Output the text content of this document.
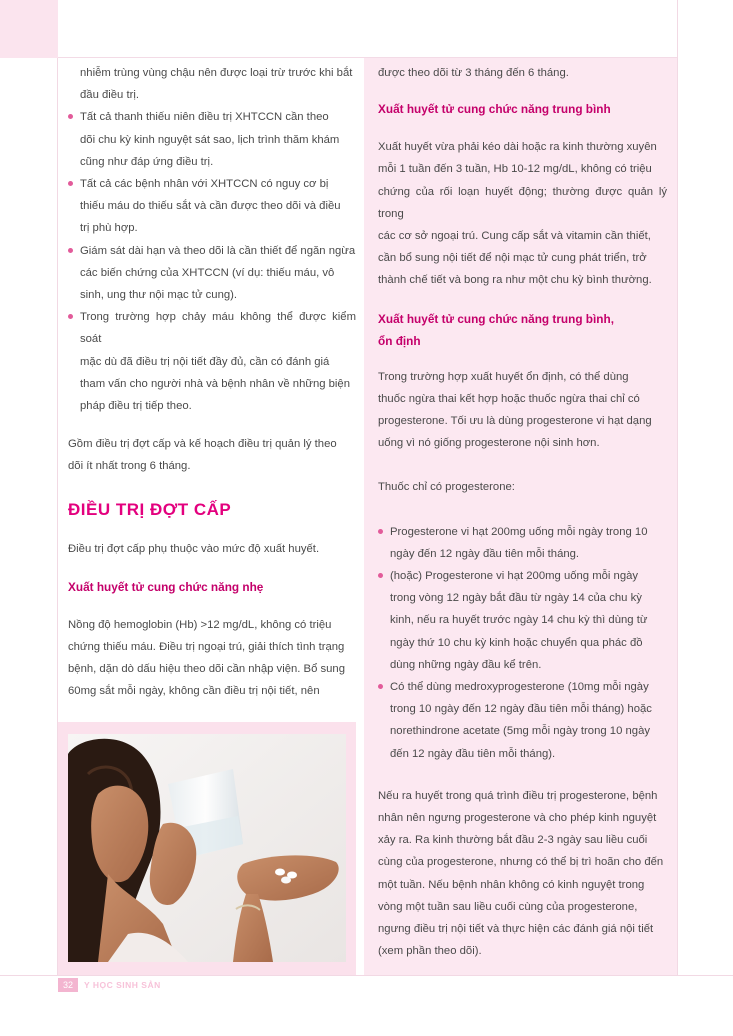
nhiễm trùng vùng chậu nên được loại trừ trước khi bắt
đầu điều trị.
Tất cả thanh thiếu niên điều trị XHTCCN cần theo
dõi chu kỳ kinh nguyệt sát sao, lịch trình thăm khám
cũng như đáp ứng điều trị.
Tất cả các bệnh nhân với XHTCCN có nguy cơ bị
thiếu máu do thiếu sắt và cần được theo dõi và điều
trị phù hợp.
Giám sát dài hạn và theo dõi là cần thiết để ngăn ngừa
các biến chứng của XHTCCN (ví dụ: thiếu máu, vô
sinh, ung thư nội mạc tử cung).
Trong trường hợp chảy máu không thể được kiểm soát
mặc dù đã điều trị nội tiết đầy đủ, cần có đánh giá
tham vấn cho người nhà và bệnh nhân về những biện
pháp điều trị tiếp theo.
Gồm điều trị đợt cấp và kế hoạch điều trị quản lý theo
dõi ít nhất trong 6 tháng.
ĐIỀU TRỊ ĐỢT CẤP
Điều trị đợt cấp phụ thuộc vào mức độ xuất huyết.
Xuất huyết tử cung chức năng nhẹ
Nồng độ hemoglobin (Hb) >12 mg/dL, không có triệu
chứng thiếu máu. Điều trị ngoại trú, giải thích tình trạng
bệnh, dặn dò dấu hiệu theo dõi cần nhập viện. Bổ sung
60mg sắt mỗi ngày, không cần điều trị nội tiết, nên
được theo dõi từ 3 tháng đến 6 tháng.
Xuất huyết tử cung chức năng trung bình
Xuất huyết vừa phải kéo dài hoặc ra kinh thường xuyên
mỗi 1 tuần đến 3 tuần, Hb 10-12 mg/dL, không có triệu
chứng của rối loạn huyết động; thường được quản lý trong
các cơ sở ngoại trú. Cung cấp sắt và vitamin cần thiết,
cần bổ sung nội tiết để nội mạc tử cung phát triển, trở
thành chế tiết và bong ra như một chu kỳ bình thường.
Xuất huyết tử cung chức năng trung bình,
ổn định
Trong trường hợp xuất huyết ổn định, có thể dùng
thuốc ngừa thai kết hợp hoặc thuốc ngừa thai chỉ có
progesterone. Tối ưu là dùng progesterone vi hạt dạng
uống vì nó giống progesterone nội sinh hơn.
Thuốc chỉ có progesterone:
Progesterone vi hạt 200mg uống mỗi ngày trong 10
ngày đến 12 ngày đầu tiên mỗi tháng.
(hoặc) Progesterone vi hạt 200mg uống mỗi ngày
trong vòng 12 ngày bắt đầu từ ngày 14 của chu kỳ
kinh, nếu ra huyết trước ngày 14 chu kỳ thì dùng từ
ngày thứ 10 chu kỳ kinh hoặc chuyển qua phác đồ
dùng những ngày đầu kể trên.
Có thể dùng medroxyprogesterone (10mg mỗi ngày
trong 10 ngày đến 12 ngày đầu tiên mỗi tháng) hoặc
norethindrone acetate (5mg mỗi ngày trong 10 ngày
đến 12 ngày đầu tiên mỗi tháng).
Nếu ra huyết trong quá trình điều trị progesterone, bệnh
nhân nên ngưng progesterone và cho phép kinh nguyệt
xảy ra. Ra kinh thường bắt đầu 2-3 ngày sau liều cuối
cùng của progesterone, nhưng có thể bị trì hoãn cho đến
một tuần. Nếu bệnh nhân không có kinh nguyệt trong
vòng một tuần sau liều cuối cùng của progesterone,
ngưng điều trị nội tiết và thực hiện các đánh giá nội tiết
(xem phần theo dõi).
32	Y HỌC SINH SẢN
